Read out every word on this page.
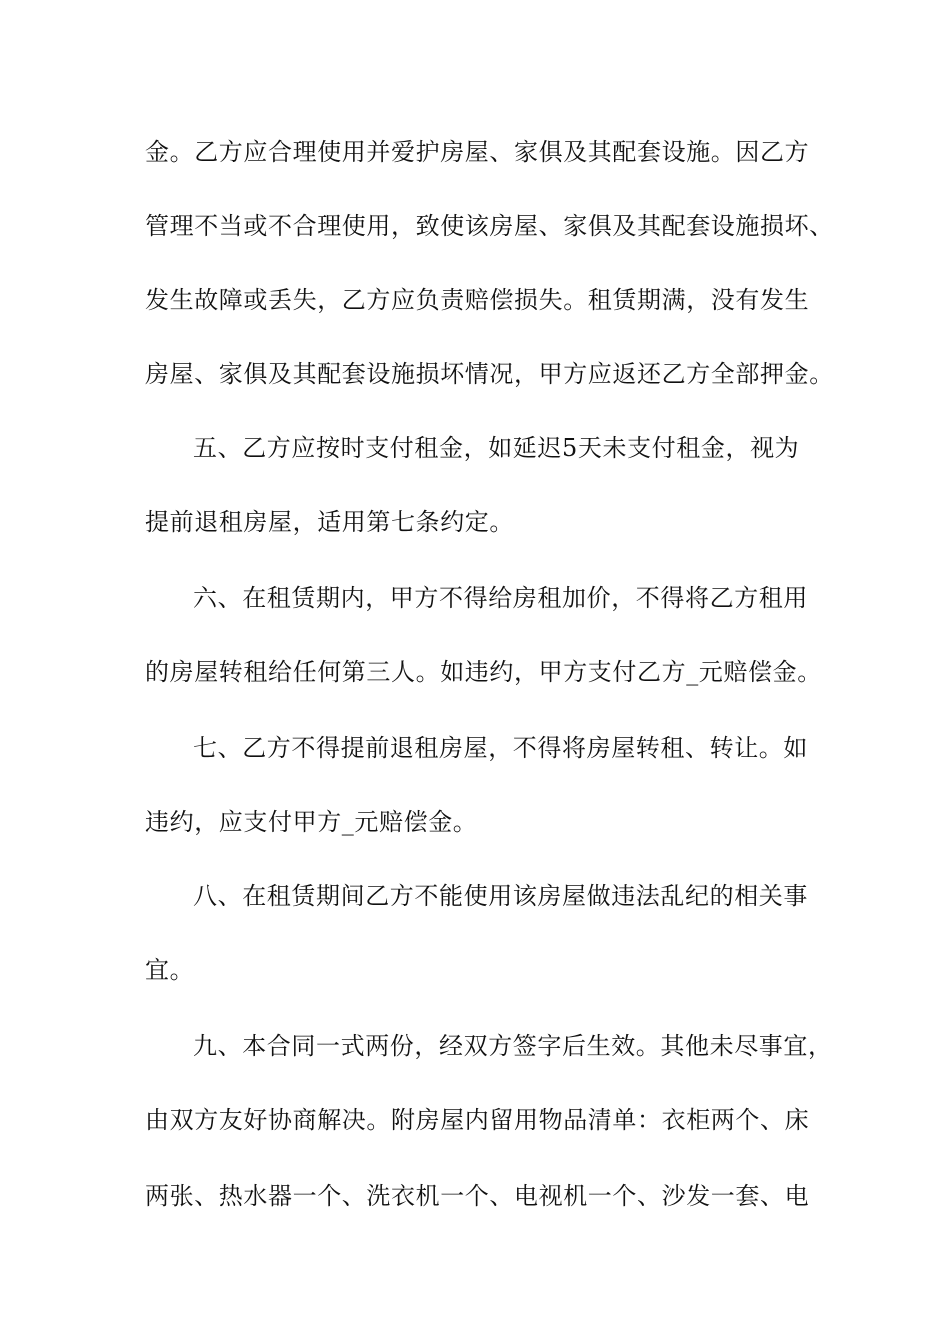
金。乙方应合理使用并爱护房屋、家俱及其配套设施。因乙方
管理不当或不合理使用，致使该房屋、家俱及其配套设施损坏、
发生故障或丢失，乙方应负责赔偿损失。租赁期满，没有发生
房屋、家俱及其配套设施损坏情况，甲方应返还乙方全部押金。
五、乙方应按时支付租金，如延迟5天未支付租金，视为
提前退租房屋，适用第七条约定。
六、在租赁期内，甲方不得给房租加价，不得将乙方租用
的房屋转租给任何第三人。如违约，甲方支付乙方_元赔偿金。
七、乙方不得提前退租房屋，不得将房屋转租、转让。如
违约，应支付甲方_元赔偿金。
八、在租赁期间乙方不能使用该房屋做违法乱纪的相关事
宜。
九、本合同一式两份，经双方签字后生效。其他未尽事宜，
由双方友好协商解决。附房屋内留用物品清单：衣柜两个、床
两张、热水器一个、洗衣机一个、电视机一个、沙发一套、电
